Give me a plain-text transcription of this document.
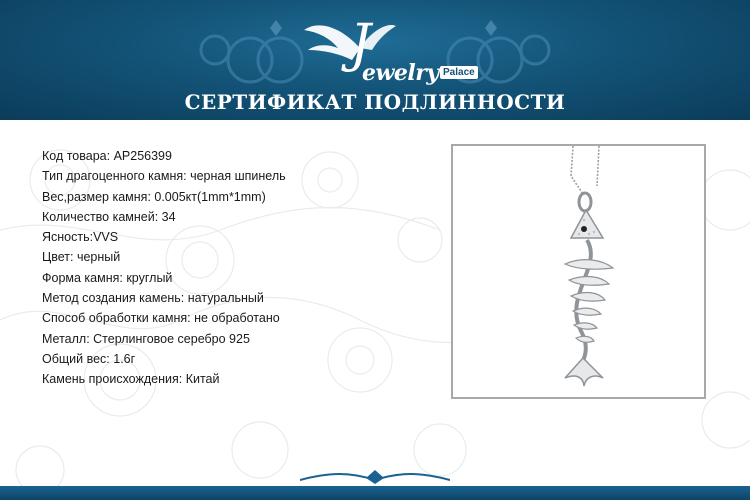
J
ewelry Palace
СЕРТИФИКАТ ПОДЛИННОСТИ
Код товара: AP256399
Тип драгоценного камня: черная шпинель
Вес,размер камня: 0.005кт(1mm*1mm)
Количество камней: 34
Ясность:VVS
Цвет: черный
Форма камня: круглый
Метод создания камень: натуральный
Способ обработки камня: не обработано
Металл: Стерлинговое серебро 925
Общий вес: 1.6г
Камень происхождения: Китай
